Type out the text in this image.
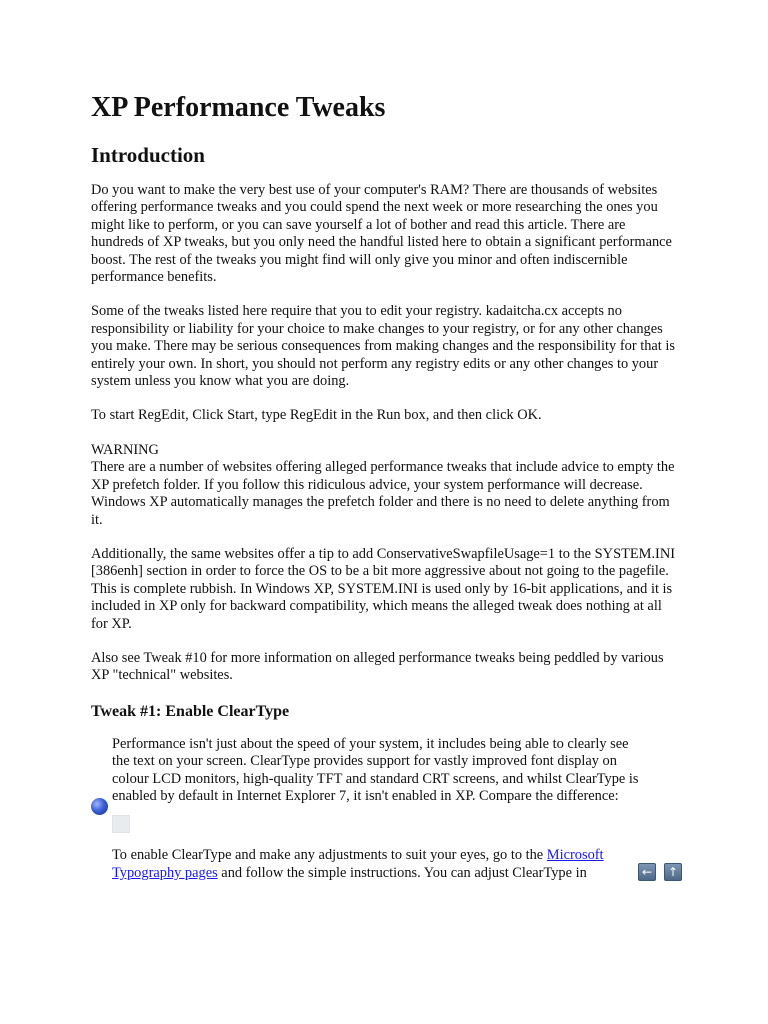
XP Performance Tweaks
Introduction

Do you want to make the very best use of your computer's RAM? There are thousands of websites offering performance tweaks and you could spend the next week or more researching the ones you might like to perform, or you can save yourself a lot of bother and read this article. There are hundreds of XP tweaks, but you only need the handful listed here to obtain a significant performance boost. The rest of the tweaks you might find will only give you minor and often indiscernible performance benefits.

Some of the tweaks listed here require that you to edit your registry. kadaitcha.cx accepts no responsibility or liability for your choice to make changes to your registry, or for any other changes you make. There may be serious consequences from making changes and the responsibility for that is entirely your own. In short, you should not perform any registry edits or any other changes to your system unless you know what you are doing.

To start RegEdit, Click Start, type RegEdit in the Run box, and then click OK.

WARNING
There are a number of websites offering alleged performance tweaks that include advice to empty the XP prefetch folder. If you follow this ridiculous advice, your system performance will decrease. Windows XP automatically manages the prefetch folder and there is no need to delete anything from it.

Additionally, the same websites offer a tip to add ConservativeSwapfileUsage=1 to the SYSTEM.INI [386enh] section in order to force the OS to be a bit more aggressive about not going to the pagefile. This is complete rubbish. In Windows XP, SYSTEM.INI is used only by 16-bit applications, and it is included in XP only for backward compatibility, which means the alleged tweak does nothing at all for XP.

Also see Tweak #10 for more information on alleged performance tweaks being peddled by various XP "technical" websites.

Tweak #1: Enable ClearType

Performance isn't just about the speed of your system, it includes being able to clearly see the text on your screen. ClearType provides support for vastly improved font display on colour LCD monitors, high-quality TFT and standard CRT screens, and whilst ClearType is enabled by default in Internet Explorer 7, it isn't enabled in XP. Compare the difference:

To enable ClearType and make any adjustments to suit your eyes, go to the Microsoft Typography pages and follow the simple instructions. You can adjust ClearType in	←	↑
